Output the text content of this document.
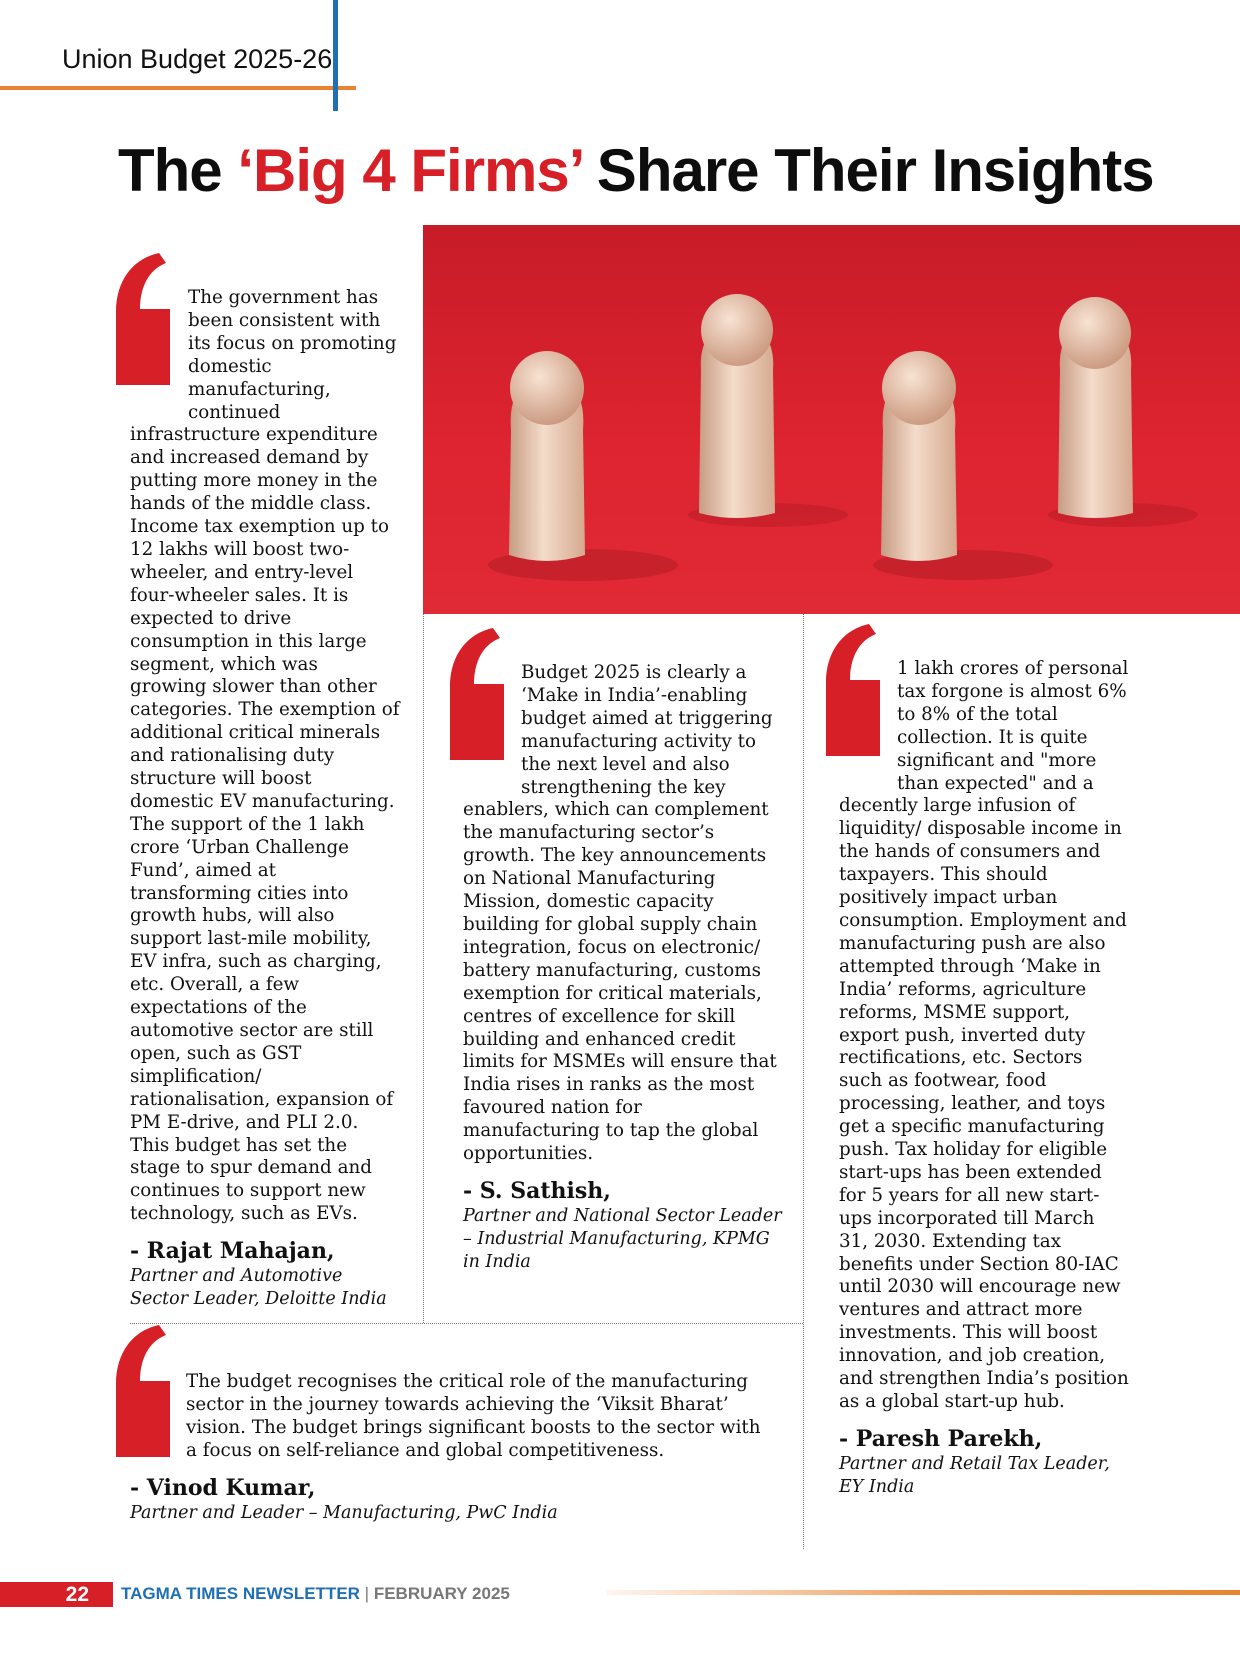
Union Budget 2025-26
The ‘Big 4 Firms’ Share Their Insights

The government has been consistent with its focus on promoting domestic manufacturing, continued infrastructure expenditure and increased demand by putting more money in the hands of the middle class. Income tax exemption up to 12 lakhs will boost two-wheeler, and entry-level four-wheeler sales. It is expected to drive consumption in this large segment, which was growing slower than other categories. The exemption of additional critical minerals and rationalising duty structure will boost domestic EV manufacturing. The support of the 1 lakh crore ‘Urban Challenge Fund’, aimed at transforming cities into growth hubs, will also support last-mile mobility, EV infra, such as charging, etc. Overall, a few expectations of the automotive sector are still open, such as GST simplification/ rationalisation, expansion of PM E-drive, and PLI 2.0. This budget has set the stage to spur demand and continues to support new technology, such as EVs.

- Rajat Mahajan,
Partner and Automotive Sector Leader, Deloitte India

Budget 2025 is clearly a ‘Make in India’-enabling budget aimed at triggering manufacturing activity to the next level and also strengthening the key enablers, which can complement the manufacturing sector’s growth. The key announcements on National Manufacturing Mission, domestic capacity building for global supply chain integration, focus on electronic/ battery manufacturing, customs exemption for critical materials, centres of excellence for skill building and enhanced credit limits for MSMEs will ensure that India rises in ranks as the most favoured nation for manufacturing to tap the global opportunities.

- S. Sathish,
Partner and National Sector Leader – Industrial Manufacturing, KPMG in India

1 lakh crores of personal tax forgone is almost 6% to 8% of the total collection. It is quite significant and "more than expected" and a decently large infusion of liquidity/ disposable income in the hands of consumers and taxpayers. This should positively impact urban consumption. Employment and manufacturing push are also attempted through ‘Make in India’ reforms, agriculture reforms, MSME support, export push, inverted duty rectifications, etc. Sectors such as footwear, food processing, leather, and toys get a specific manufacturing push. Tax holiday for eligible start-ups has been extended for 5 years for all new start-ups incorporated till March 31, 2030. Extending tax benefits under Section 80-IAC until 2030 will encourage new ventures and attract more investments. This will boost innovation, and job creation, and strengthen India’s position as a global start-up hub.

- Paresh Parekh,
Partner and Retail Tax Leader, EY India

The budget recognises the critical role of the manufacturing sector in the journey towards achieving the ‘Viksit Bharat’ vision. The budget brings significant boosts to the sector with a focus on self-reliance and global competitiveness.

- Vinod Kumar,
Partner and Leader – Manufacturing, PwC India
22	TAGMA TIMES NEWSLETTER | FEBRUARY 2025
